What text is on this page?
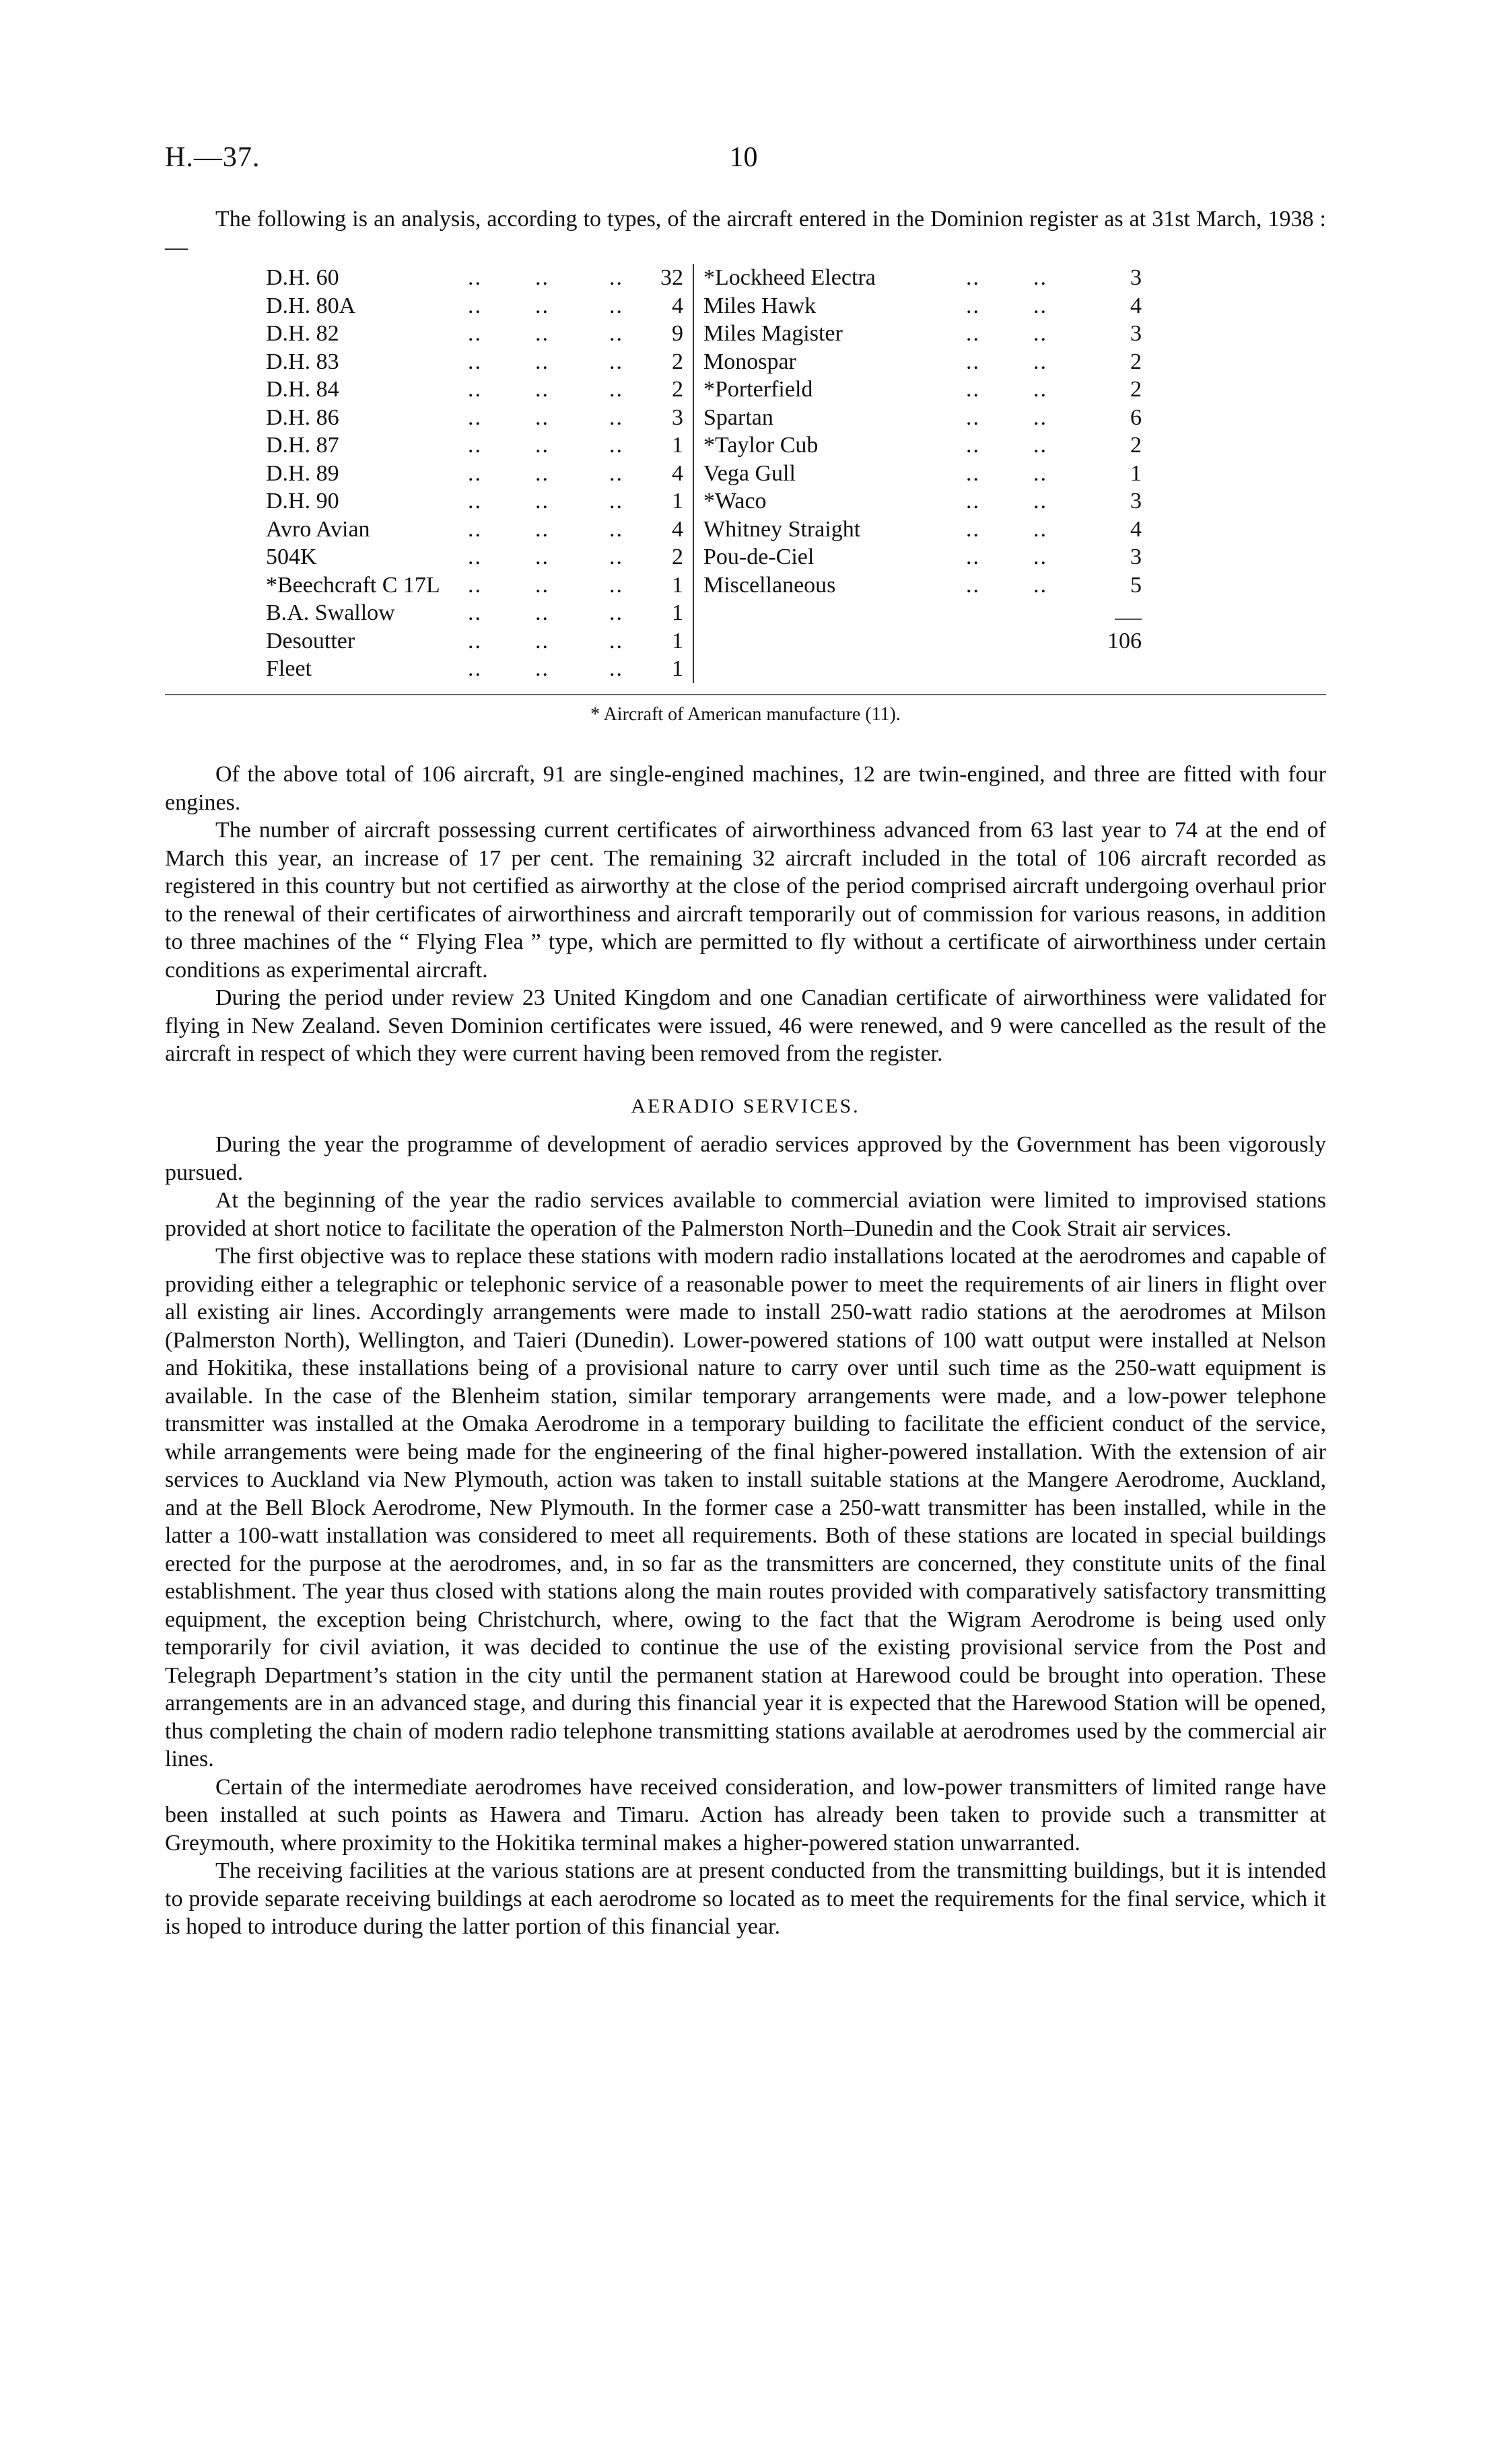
H.—37.	10

The following is an analysis, according to types, of the aircraft entered in the Dominion register as at 31st March, 1938 :—

D.H. 60	..	..	..	32		*Lockheed Electra	..	..	3
D.H. 80A	..	..	..	4		Miles Hawk	..	..	4
D.H. 82	..	..	..	9		Miles Magister	..	..	3
D.H. 83	..	..	..	2		Monospar	..	..	2
D.H. 84	..	..	..	2		*Porterfield	..	..	2
D.H. 86	..	..	..	3		Spartan	..	..	6
D.H. 87	..	..	..	1		*Taylor Cub	..	..	2
D.H. 89	..	..	..	4		Vega Gull	..	..	1
D.H. 90	..	..	..	1		*Waco	..	..	3
Avro Avian	..	..	..	4		Whitney Straight	..	..	4
504K	..	..	..	2		Pou-de-Ciel	..	..	3
*Beechcraft C 17L	..	..	..	1		Miscellaneous	..	..	5
B.A. Swallow	..	..	..	1					
Desoutter	..	..	..	1					106
Fleet	..	..	..	1					
* Aircraft of American manufacture (11).

Of the above total of 106 aircraft, 91 are single-engined machines, 12 are twin-engined, and three are fitted with four engines.

The number of aircraft possessing current certificates of airworthiness advanced from 63 last year to 74 at the end of March this year, an increase of 17 per cent. The remaining 32 aircraft included in the total of 106 aircraft recorded as registered in this country but not certified as airworthy at the close of the period comprised aircraft undergoing overhaul prior to the renewal of their certificates of airworthiness and aircraft temporarily out of commission for various reasons, in addition to three machines of the “ Flying Flea ” type, which are permitted to fly without a certificate of airworthiness under certain conditions as experimental aircraft.

During the period under review 23 United Kingdom and one Canadian certificate of airworthiness were validated for flying in New Zealand. Seven Dominion certificates were issued, 46 were renewed, and 9 were cancelled as the result of the aircraft in respect of which they were current having been removed from the register.

AERADIO SERVICES.

During the year the programme of development of aeradio services approved by the Government has been vigorously pursued.

At the beginning of the year the radio services available to commercial aviation were limited to improvised stations provided at short notice to facilitate the operation of the Palmerston North–Dunedin and the Cook Strait air services.

The first objective was to replace these stations with modern radio installations located at the aerodromes and capable of providing either a telegraphic or telephonic service of a reasonable power to meet the requirements of air liners in flight over all existing air lines. Accordingly arrangements were made to install 250-watt radio stations at the aerodromes at Milson (Palmerston North), Wellington, and Taieri (Dunedin). Lower-powered stations of 100 watt output were installed at Nelson and Hokitika, these installations being of a provisional nature to carry over until such time as the 250-watt equipment is available. In the case of the Blenheim station, similar temporary arrangements were made, and a low-power telephone transmitter was installed at the Omaka Aerodrome in a temporary building to facilitate the efficient conduct of the service, while arrangements were being made for the engineering of the final higher-powered installation. With the extension of air services to Auckland via New Plymouth, action was taken to install suitable stations at the Mangere Aerodrome, Auckland, and at the Bell Block Aerodrome, New Plymouth. In the former case a 250-watt transmitter has been installed, while in the latter a 100-watt installation was considered to meet all requirements. Both of these stations are located in special buildings erected for the purpose at the aerodromes, and, in so far as the transmitters are concerned, they constitute units of the final establishment. The year thus closed with stations along the main routes provided with comparatively satisfactory transmitting equipment, the exception being Christchurch, where, owing to the fact that the Wigram Aerodrome is being used only temporarily for civil aviation, it was decided to continue the use of the existing provisional service from the Post and Telegraph Department’s station in the city until the permanent station at Harewood could be brought into operation. These arrangements are in an advanced stage, and during this financial year it is expected that the Harewood Station will be opened, thus completing the chain of modern radio telephone transmitting stations available at aerodromes used by the commercial air lines.

Certain of the intermediate aerodromes have received consideration, and low-power transmitters of limited range have been installed at such points as Hawera and Timaru. Action has already been taken to provide such a transmitter at Greymouth, where proximity to the Hokitika terminal makes a higher-powered station unwarranted.

The receiving facilities at the various stations are at present conducted from the transmitting buildings, but it is intended to provide separate receiving buildings at each aerodrome so located as to meet the requirements for the final service, which it is hoped to introduce during the latter portion of this financial year.
